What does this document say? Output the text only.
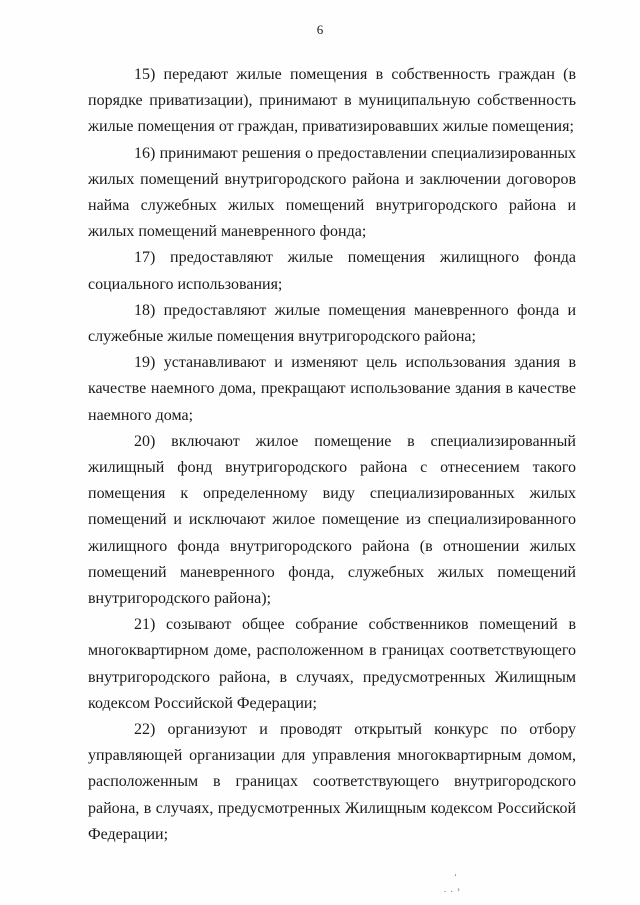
6

15) передают жилые помещения в собственность граждан (в порядке приватизации), принимают в муниципальную собственность жилые помещения от граждан, приватизировавших жилые помещения;

16) принимают решения о предоставлении специализированных жилых помещений внутригородского района и заключении договоров найма служебных жилых помещений внутригородского района и жилых помещений маневренного фонда;

17) предоставляют жилые помещения жилищного фонда социального использования;

18) предоставляют жилые помещения маневренного фонда и служебные жилые помещения внутригородского района;

19) устанавливают и изменяют цель использования здания в качестве наемного дома, прекращают использование здания в качестве наемного дома;

20) включают жилое помещение в специализированный жилищный фонд внутригородского района с отнесением такого помещения к определенному виду специализированных жилых помещений и исключают жилое помещение из специализированного жилищного фонда внутригородского района (в отношении жилых помещений маневренного фонда, служебных жилых помещений внутригородского района);

21) созывают общее собрание собственников помещений в многоквартирном доме, расположенном в границах соответствующего внутригородского района, в случаях, предусмотренных Жилищным кодексом Российской Федерации;

22) организуют и проводят открытый конкурс по отбору управляющей организации для управления многоквартирным домом, расположенным в границах соответствующего внутригородского района, в случаях, предусмотренных Жилищным кодексом Российской Федерации;

‘
. . ›
